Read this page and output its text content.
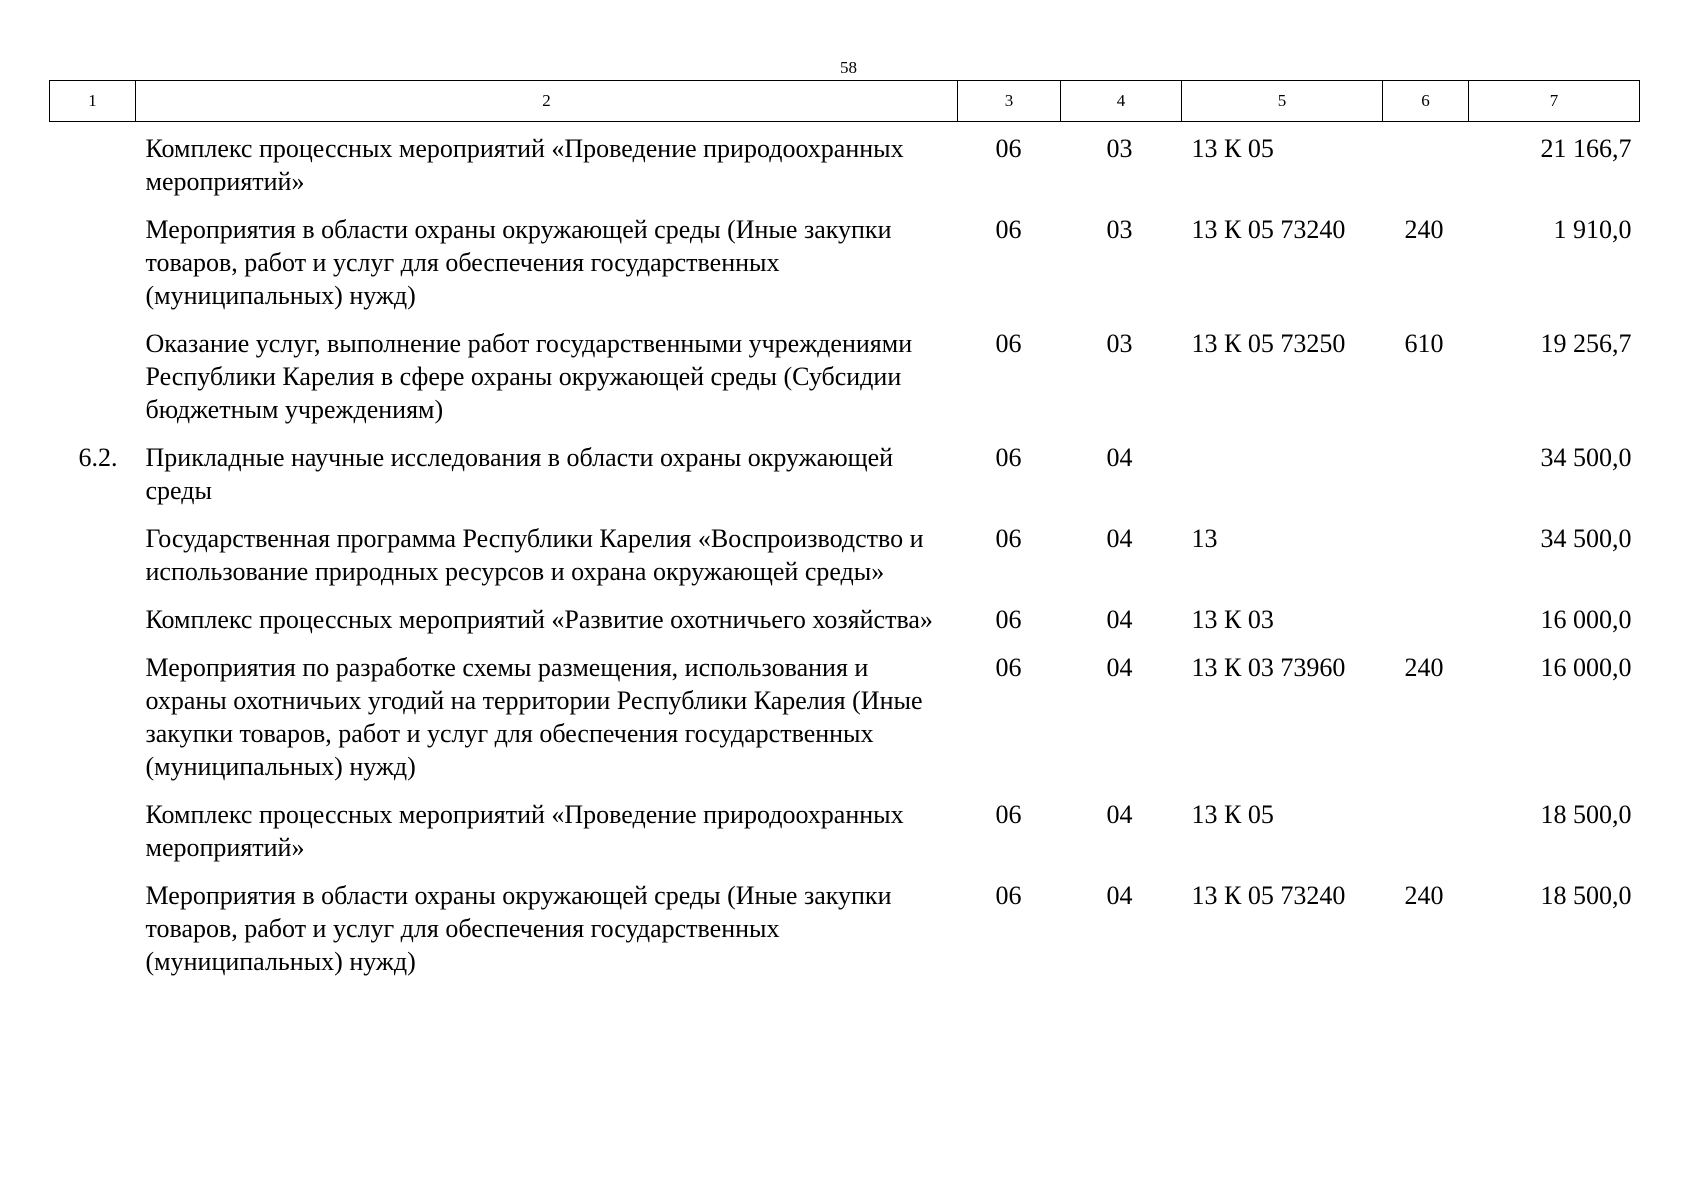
58
1	2	3	4	5	6	7
	Комплекс процессных мероприятий «Проведение природоохранных мероприятий»	06	03	13 К 05		21 166,7
	Мероприятия в области охраны окружающей среды (Иные закупки товаров, работ и услуг для обеспечения государственных (муниципальных) нужд)	06	03	13 К 05 73240	240	1 910,0
	Оказание услуг, выполнение работ государственными учреждениями Республики Карелия в сфере охраны окружающей среды (Субсидии бюджетным учреждениям)	06	03	13 К 05 73250	610	19 256,7
6.2.	Прикладные научные исследования в области охраны окружающей среды	06	04			34 500,0
	Государственная программа Республики Карелия «Воспроизводство и использование природных ресурсов и охрана окружающей среды»	06	04	13		34 500,0
	Комплекс процессных мероприятий «Развитие охотничьего хозяйства»	06	04	13 К 03		16 000,0
	Мероприятия по разработке схемы размещения, использования и охраны охотничьих угодий на территории Республики Карелия (Иные закупки товаров, работ и услуг для обеспечения государственных (муниципальных) нужд)	06	04	13 К 03 73960	240	16 000,0
	Комплекс процессных мероприятий «Проведение природоохранных мероприятий»	06	04	13 К 05		18 500,0
	Мероприятия в области охраны окружающей среды (Иные закупки товаров, работ и услуг для обеспечения государственных (муниципальных) нужд)	06	04	13 К 05 73240	240	18 500,0
